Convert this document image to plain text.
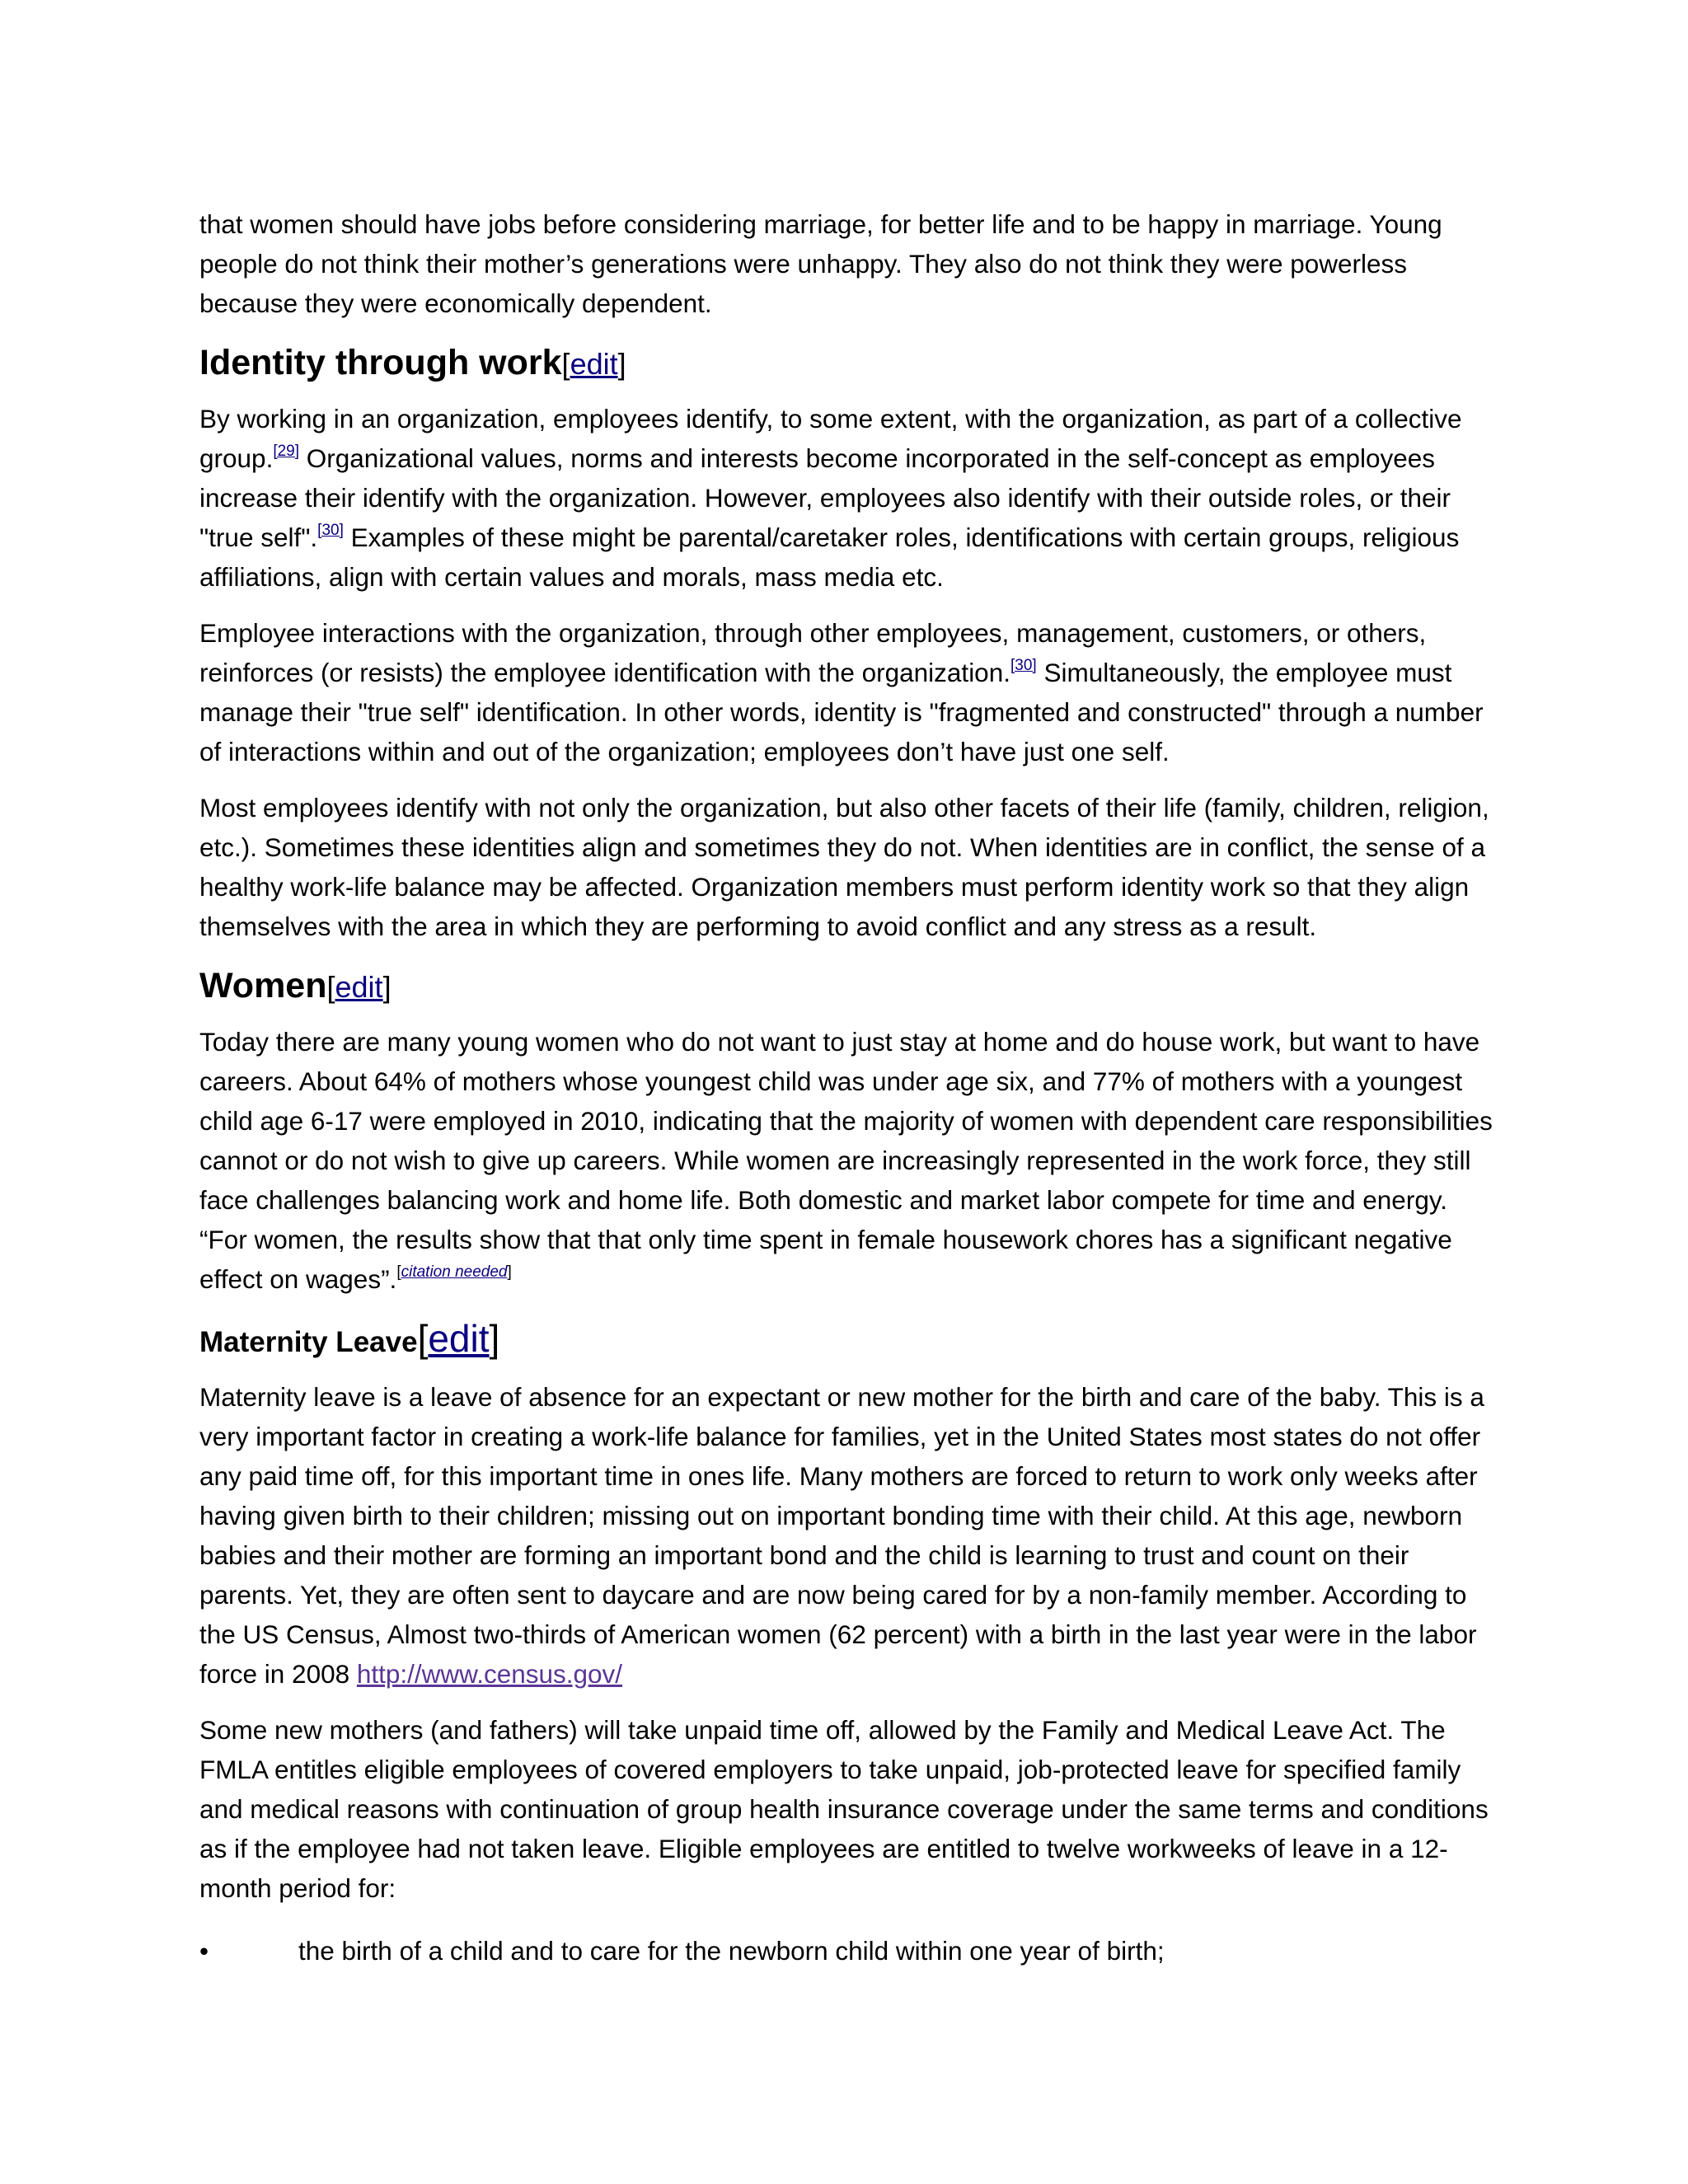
that women should have jobs before considering marriage, for better life and to be happy in marriage. Young people do not think their mother’s generations were unhappy. They also do not think they were powerless because they were economically dependent.

Identity through work[edit]

By working in an organization, employees identify, to some extent, with the organization, as part of a collective group.[29] Organizational values, norms and interests become incorporated in the self-concept as employees increase their identify with the organization. However, employees also identify with their outside roles, or their "true self".[30] Examples of these might be parental/caretaker roles, identifications with certain groups, religious affiliations, align with certain values and morals, mass media etc.

Employee interactions with the organization, through other employees, management, customers, or others, reinforces (or resists) the employee identification with the organization.[30] Simultaneously, the employee must manage their "true self" identification. In other words, identity is "fragmented and constructed" through a number of interactions within and out of the organization; employees don’t have just one self.

Most employees identify with not only the organization, but also other facets of their life (family, children, religion, etc.). Sometimes these identities align and sometimes they do not. When identities are in conflict, the sense of a healthy work-life balance may be affected. Organization members must perform identity work so that they align themselves with the area in which they are performing to avoid conflict and any stress as a result.

Women[edit]

Today there are many young women who do not want to just stay at home and do house work, but want to have careers. About 64% of mothers whose youngest child was under age six, and 77% of mothers with a youngest child age 6-17 were employed in 2010, indicating that the majority of women with dependent care responsibilities cannot or do not wish to give up careers. While women are increasingly represented in the work force, they still face challenges balancing work and home life. Both domestic and market labor compete for time and energy. “For women, the results show that that only time spent in female housework chores has a significant negative effect on wages”.[citation needed]

Maternity Leave[edit]

Maternity leave is a leave of absence for an expectant or new mother for the birth and care of the baby. This is a very important factor in creating a work-life balance for families, yet in the United States most states do not offer any paid time off, for this important time in ones life. Many mothers are forced to return to work only weeks after having given birth to their children; missing out on important bonding time with their child. At this age, newborn babies and their mother are forming an important bond and the child is learning to trust and count on their parents. Yet, they are often sent to daycare and are now being cared for by a non-family member. According to the US Census, Almost two-thirds of American women (62 percent) with a birth in the last year were in the labor force in 2008 http://www.census.gov/

Some new mothers (and fathers) will take unpaid time off, allowed by the Family and Medical Leave Act. The FMLA entitles eligible employees of covered employers to take unpaid, job-protected leave for specified family and medical reasons with continuation of group health insurance coverage under the same terms and conditions as if the employee had not taken leave. Eligible employees are entitled to twelve workweeks of leave in a 12-month period for:

•	the birth of a child and to care for the newborn child within one year of birth;
